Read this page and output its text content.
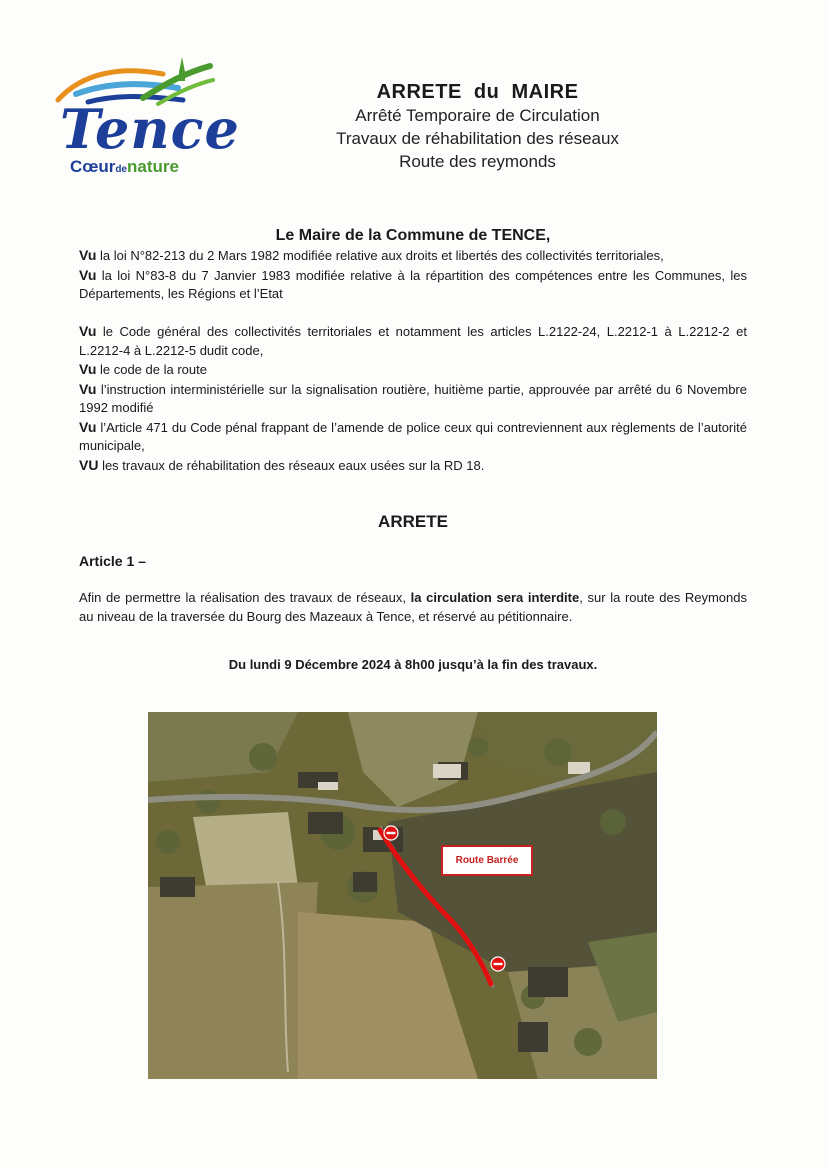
Tence
Cœurdenature
ARRETE  du  MAIRE
Arrêté Temporaire de Circulation
Travaux de réhabilitation des réseaux
Route des reymonds
Le Maire de la Commune de TENCE,

Vu la loi N°82-213 du 2 Mars 1982 modifiée relative aux droits et libertés des collectivités territoriales,

Vu la loi N°83-8 du 7 Janvier 1983 modifiée relative à la répartition des compétences entre les Communes, les Départements, les Régions et l’Etat

Vu le Code général des collectivités territoriales et notamment les articles L.2122-24, L.2212-1 à L.2212-2 et L.2212-4 à L.2212-5 dudit code,

Vu le code de la route

Vu l’instruction interministérielle sur la signalisation routière, huitième partie, approuvée par arrêté du 6 Novembre 1992 modifié

Vu l’Article 471 du Code pénal frappant de l’amende de police ceux qui contreviennent aux règlements de l’autorité municipale,

VU les travaux de réhabilitation des réseaux eaux usées sur la RD 18.

ARRETE
Article 1 –

Afin de permettre la réalisation des travaux de réseaux, la circulation sera interdite, sur la route des Reymonds au niveau de la traversée du Bourg des Mazeaux à Tence, et réservé au pétitionnaire.

Du lundi 9 Décembre 2024 à 8h00 jusqu’à la fin des travaux.
Route Barrée
